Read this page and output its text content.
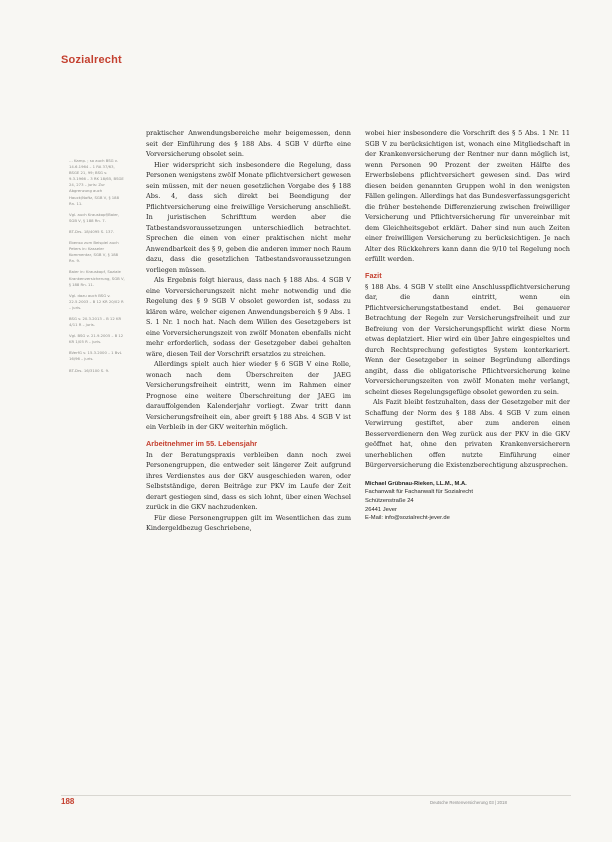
Sozialrecht
… Kamp. ; so auch BSG v. 14.6.1964 – 1 RA 37/63, BSGE 21, 99; BSG v. 9.3.1966 – 3 RK 18/65, BSGE 24, 273 – juris: Zur Abgrenzung auch Hauck/Noftz, SGB V, § 188 Rn. 11.
Vgl. auch Krauskopf/Baier, SGB V, § 188 Rn. 7.
BT-Drs. 18/4095 S. 137.
Ebenso zum Beispiel auch Peters in: Kasseler Kommentar, SGB V, § 188 Rn. 9.
Baier in: Krauskopf, Soziale Krankenversicherung, SGB V, § 188 Rn. 11.
Vgl. dazu auch BSG v. 22.5.2003 – B 12 KR 20/02 R – juris.
BSG v. 20.3.2013 – B 12 KR 4/11 R – juris.
Vgl. BSG v. 21.9.2005 – B 12 KR 1/05 R – juris.
BVerfG v. 15.3.2000 – 1 BvL 16/96 – juris.
BT-Drs. 16/3100 S. 9.

praktischer Anwendungsbereiche mehr beigemessen, denn seit der Einführung des § 188 Abs. 4 SGB V dürfte eine Vorversicherung obsolet sein.

Hier widerspricht sich insbesondere die Regelung, dass Personen wenigstens zwölf Monate pflichtversichert gewesen sein müssen, mit der neuen gesetzlichen Vorgabe des § 188 Abs. 4, dass sich direkt bei Beendigung der Pflichtversicherung eine freiwillige Versicherung anschließt. In juristischen Schrifttum werden aber die Tatbestandsvoraussetzungen unterschiedlich betrachtet. Sprechen die einen von einer praktischen nicht mehr Anwendbarkeit des § 9, geben die anderen immer noch Raum dazu, dass die gesetzlichen Tatbestandsvoraussetzungen vorliegen müssen.

Als Ergebnis folgt hieraus, dass nach § 188 Abs. 4 SGB V eine Vorversicherungszeit nicht mehr notwendig und die Regelung des § 9 SGB V obsolet geworden ist, sodass zu klären wäre, welcher eigenen Anwendungsbereich § 9 Abs. 1 S. 1 Nr. 1 noch hat. Nach dem Willen des Gesetzgebers ist eine Vorversicherungszeit von zwölf Monaten ebenfalls nicht mehr erforderlich, sodass der Gesetzgeber dabei gehalten wäre, diesen Teil der Vorschrift ersatzlos zu streichen.

Allerdings spielt auch hier wieder § 6 SGB V eine Rolle, wonach nach dem Überschreiten der JAEG Versicherungsfreiheit eintritt, wenn im Rahmen einer Prognose eine weitere Überschreitung der JAEG im darauffolgenden Kalenderjahr vorliegt. Zwar tritt dann Versicherungsfreiheit ein, aber greift § 188 Abs. 4 SGB V ist ein Verbleib in der GKV weiterhin möglich.

Arbeitnehmer im 55. Lebensjahr

In der Beratungspraxis verbleiben dann noch zwei Personengruppen, die entweder seit längerer Zeit aufgrund ihres Verdienstes aus der GKV ausgeschieden waren, oder Selbstständige, deren Beiträge zur PKV im Laufe der Zeit derart gestiegen sind, dass es sich lohnt, über einen Wechsel zurück in die GKV nachzudenken.

Für diese Personengruppen gilt im Wesentlichen das zum Kindergeldbezug Geschriebene,

wobei hier insbesondere die Vorschrift des § 5 Abs. 1 Nr. 11 SGB V zu berücksichtigen ist, wonach eine Mitgliedschaft in der Krankenversicherung der Rentner nur dann möglich ist, wenn Personen 90 Prozent der zweiten Hälfte des Erwerbslebens pflichtversichert gewesen sind. Das wird diesen beiden genannten Gruppen wohl in den wenigsten Fällen gelingen. Allerdings hat das Bundesverfassungsgericht die früher bestehende Differenzierung zwischen freiwilliger Versicherung und Pflichtversicherung für unvereinbar mit dem Gleichheitsgebot erklärt. Daher sind nun auch Zeiten einer freiwilligen Versicherung zu berücksichtigen. Je nach Alter des Rückkehrers kann dann die 9/10 tel Regelung noch erfüllt werden.

Fazit

§ 188 Abs. 4 SGB V stellt eine Anschlusspflichtversicherung dar, die dann eintritt, wenn ein Pflichtversicherungstatbestand endet. Bei genauerer Betrachtung der Regeln zur Versicherungsfreiheit und zur Befreiung von der Versicherungspflicht wirkt diese Norm etwas deplatziert. Hier wird ein über Jahre eingespieltes und durch Rechtsprechung gefestigtes System konterkariert. Wenn der Gesetzgeber in seiner Begründung allerdings angibt, dass die obligatorische Pflichtversicherung keine Vorversicherungszeiten von zwölf Monaten mehr verlangt, scheint dieses Regelungsgefüge obsolet geworden zu sein.

Als Fazit bleibt festzuhalten, dass der Gesetzgeber mit der Schaffung der Norm des § 188 Abs. 4 SGB V zum einen Verwirrung gestiftet, aber zum anderen einen Besserverdienern den Weg zurück aus der PKV in die GKV geöffnet hat, ohne den privaten Krankenversicherern unerheblichen offen nutzte Einführung einer Bürgerversicherung die Existenzberechtigung abzusprechen.

Michael Grübnau-Rieken, LL.M., M.A.
Fachanwalt für Fachanwalt für Sozialrecht
Schützenstraße 24
26441 Jever
E-Mail: info@sozialrecht-jever.de
188	Deutsche Rentenversicherung 03 | 2018
